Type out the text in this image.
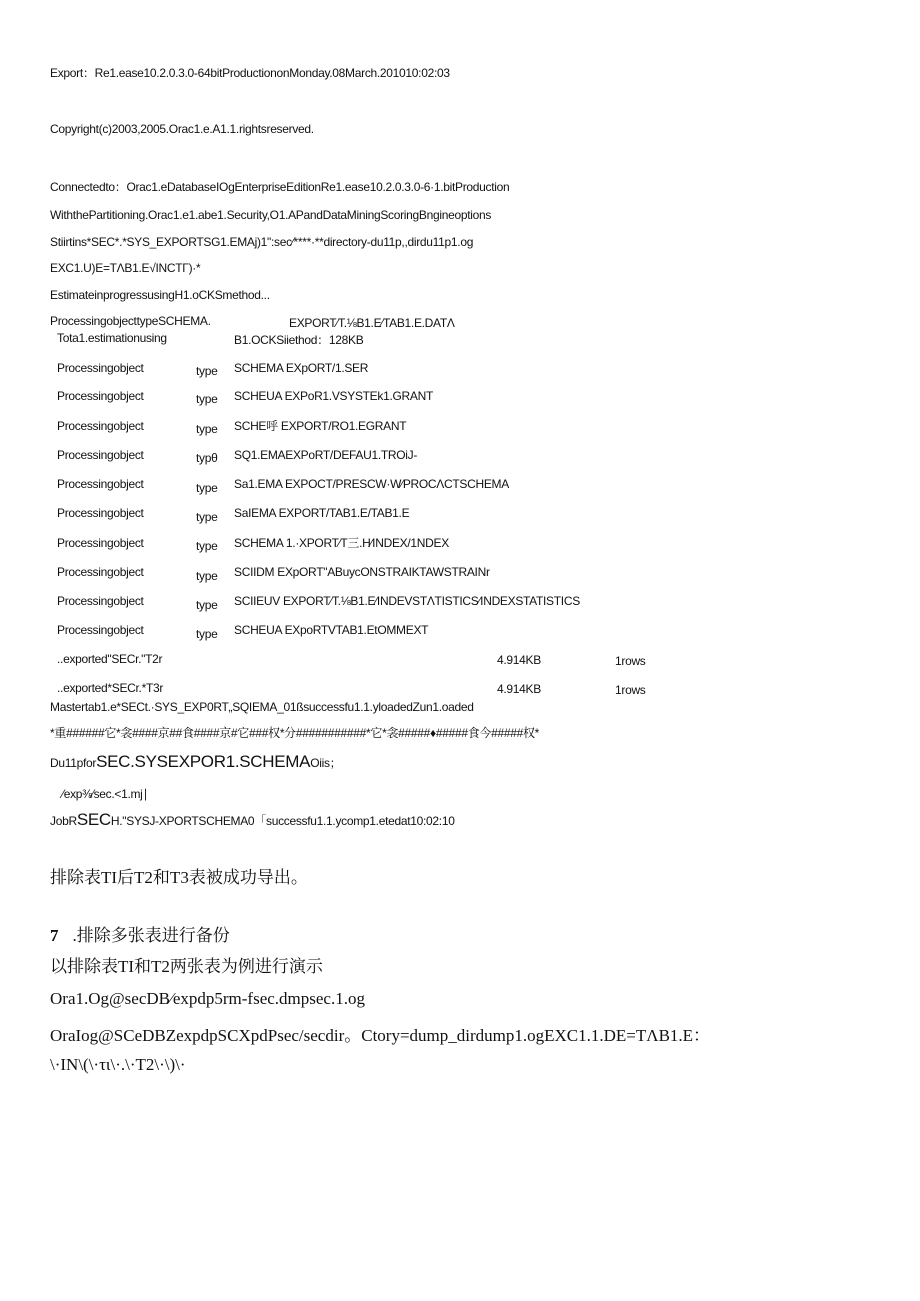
Export：Re1.ease10.2.0.3.0-64bitProductiononMonday.08March.201010:02:03
Copyright(c)2003,2005.Orac1.e.A1.1.rightsreserved.
Connectedto：Orac1.eDatabaseIOgEnterpriseEditionRe1.ease10.2.0.3.0-6·1.bitProduction
WiththePartitioning.Orac1.e1.abe1.Security,O1.APandDataMiningScoringBngineoptions
Stiirtins*SEC*.*SYS_EXPORTSG1.EMAj)1":sec⁄****·**directory-du11p,,dirdu11p1.og
EXC1.U)E=TΛB1.E√INCTΓ)·*
EstimateinprogressusingH1.oCKSmethod...
ProcessingobjecttypeSCHEMA.	EXPORT⁄T.⅛B1.E⁄TAB1.E.DATΛ
Tota1.estimationusing	B1.OCKSiiethod：128KB
Processingobject	type SCHEMA EXpORT/1.SER
Processingobject	type SCHEUA EXPoR1.VSYSTEk1.GRANT
Processingobject	type SCHE呼 EXPORT/RO1.EGRANT
Processingobject	typθ SQ1.EMAEXPoRT/DEFAU1.TROiJ-
Processingobject	type Sa1.EMA EXPOCT/PRESCW·W⁄PROCΛCTSCHEMA
Processingobject	type SaIEMA EXPORT/TAB1.E/TAB1.E
Processingobject	type SCHEMA 1.·XPORT⁄T三.H⁄INDEX/1NDEX
Processingobject	type SCIIDM EXpORT"ABuycONSTRAIKTAWSTRAINr
Processingobject	type SCIIEUV EXPORT⁄T.⅛B1.E⁄INDEVSTΛTISTICS⁄INDEXSTATISTICS
Processingobject	type SCHEUA EXpoRTVTAB1.EtOMMEXT
..exported"SECr."T2r	4.914KB	1rows
..exported*SECr.*T3r	4.914KB	1rows
Mastertab1.e*SECt.·SYS_EXP0RT„SQIEMA_01ßsuccessfu1.1.yloadedZun1.oaded
*重######它*衾####京##食####京#它###权*分###########*它*衾#####♦#####食今#####权*
Du11pforSEC.SYSEXPOR1.SCHEMAOiis；
⁄exp⅜⁄sec.<1.mj∣
JobRSECH."SYSJ-XPORTSCHEMA0「successfu1.1.ycomp1.etedat10:02:10
排除表TI后T2和T3表被成功导出。
7 .排除多张表进行备份
以排除表TI和T2两张表为例进行演示
Ora1.Og@secDB⁄expdp5rm-fsec.dmpsec.1.og
OraIog@SCeDBZexpdpSCXpdPsec/secdir。Ctory=dump_dirdump1.ogEXC1.1.DE=TΛB1.E：
\·IN\(\·τι\·.\·T2\·\)\·
